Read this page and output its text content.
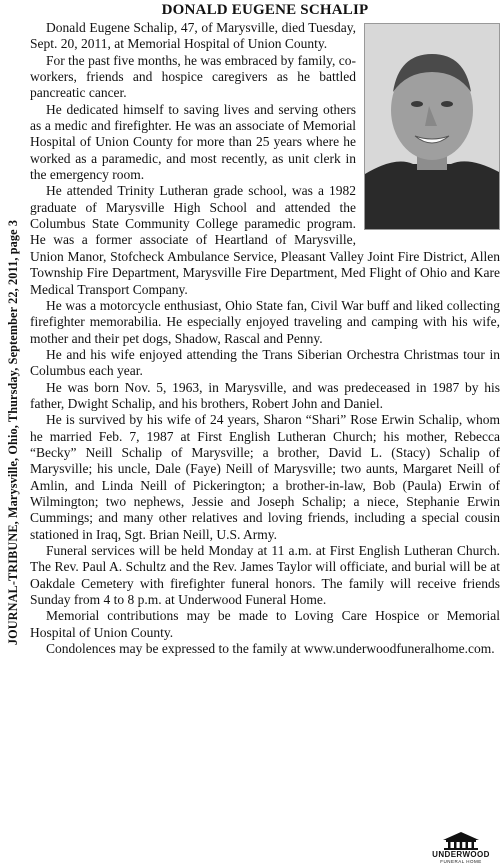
JOURNAL-TRIBUNE, Marysville, Ohio, Thursday, September 22, 2011, page 3
DONALD EUGENE SCHALIP

Donald Eugene Schalip, 47, of Marysville, died Tuesday, Sept. 20, 2011, at Memorial Hospital of Union County.

For the past five months, he was embraced by family, co-workers, friends and hospice caregivers as he battled pancreatic cancer.

He dedicated himself to saving lives and serving others as a medic and firefighter. He was an associate of Memorial Hospital of Union County for more than 25 years where he worked as a paramedic, and most recently, as unit clerk in the emergency room.

He attended Trinity Lutheran grade school, was a 1982 graduate of Marysville High School and attended the Columbus State Community College paramedic program. He was a former associate of Heartland of Marysville, Union Manor, Stofcheck Ambulance Service, Pleasant Valley Joint Fire District, Allen Township Fire Department, Marysville Fire Department, Med Flight of Ohio and Kare Medical Transport Company.

He was a motorcycle enthusiast, Ohio State fan, Civil War buff and liked collecting firefighter memorabilia. He especially enjoyed traveling and camping with his wife, mother and their pet dogs, Shadow, Rascal and Penny.

He and his wife enjoyed attending the Trans Siberian Orchestra Christmas tour in Columbus each year.

He was born Nov. 5, 1963, in Marysville, and was predeceased in 1987 by his father, Dwight Schalip, and his brothers, Robert John and Daniel.

He is survived by his wife of 24 years, Sharon “Shari” Rose Erwin Schalip, whom he married Feb. 7, 1987 at First English Lutheran Church; his mother, Rebecca “Becky” Neill Schalip of Marysville; a brother, David L. (Stacy) Schalip of Marysville; his uncle, Dale (Faye) Neill of Marysville; two aunts, Margaret Neill of Amlin, and Linda Neill of Pickerington; a brother-in-law, Bob (Paula) Erwin of Wilmington; two nephews, Jessie and Joseph Schalip; a niece, Stephanie Erwin Cummings; and many other relatives and loving friends, including a special cousin stationed in Iraq, Sgt. Brian Neill, U.S. Army.

Funeral services will be held Monday at 11 a.m. at First English Lutheran Church. The Rev. Paul A. Schultz and the Rev. James Taylor will officiate, and burial will be at Oakdale Cemetery with firefighter funeral honors. The family will receive friends Sunday from 4 to 8 p.m. at Underwood Funeral Home.

Memorial contributions may be made to Loving Care Hospice or Memorial Hospital of Union County.

Condolences may be expressed to the family at www.underwoodfuneralhome.com.

UNDERWOOD
FUNERAL HOME
